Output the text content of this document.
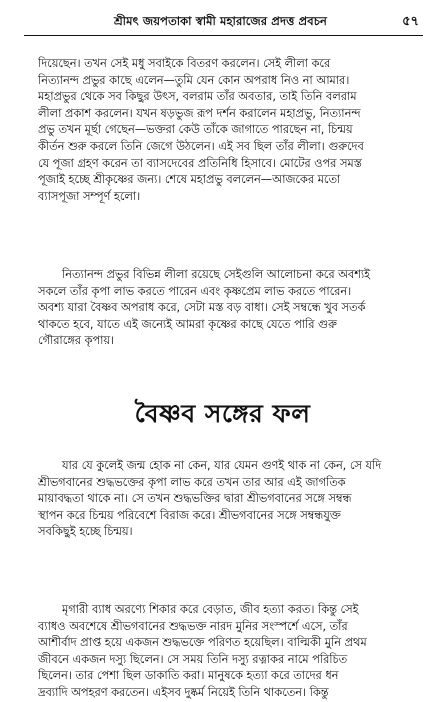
শ্রীমৎ জয়পতাকা স্বামী মহারাজের প্রদত্ত প্রবচন	৫৭
দিয়েছেন। তখন সেই মধু সবাইকে বিতরণ করলেন। সেই লীলা করে
নিত্যানন্দ প্রভুর কাছে এলেন—তুমি যেন কোন অপরাধ নিও না আমার।
মহাপ্রভুর থেকে সব কিছুর উৎস, বলরাম তাঁর অবতার, তাই তিনি বলরাম
লীলা প্রকাশ করলেন। যখন ষড়ভুজ রূপ দর্শন করালেন মহাপ্রভু, নিত্যানন্দ
প্রভু তখন মূর্ছা গেছেন—ভক্তরা কেউ তাঁকে জাগাতে পারছেন না, চিন্ময়
কীর্তন শুরু করলে তিনি জেগে উঠলেন। এই সব ছিল তাঁর লীলা। গুরুদেব
যে পূজা গ্রহণ করেন তা ব্যাসদেবের প্রতিনিধি হিসাবে। মোটের ওপর সমস্ত
পূজাই হচ্ছে শ্রীকৃষ্ণের জন্য। শেষে মহাপ্রভু বললেন—আজকের মতো
ব্যাসপূজা সম্পূর্ণ হলো।
নিত্যানন্দ প্রভুর বিভিন্ন লীলা রয়েছে সেইগুলি আলোচনা করে অবশ্যই
সকলে তাঁর কৃপা লাভ করতে পারেন এবং কৃষ্ণপ্রেম লাভ করতে পারেন।
অবশ্য যারা বৈষ্ণব অপরাধ করে, সেটা মস্ত বড় বাধা। সেই সম্বন্ধে খুব সতর্ক
থাকতে হবে, যাতে এই জন্যেই আমরা কৃষ্ণের কাছে যেতে পারি গুরু
গৌরাঙ্গের কৃপায়।
বৈষ্ণব সঙ্গের ফল
যার যে কুলেই জন্ম হোক না কেন, যার যেমন গুণই থাক না কেন, সে যদি
শ্রীভগবানের শুদ্ধভক্তের কৃপা লাভ করে তখন তার আর এই জাগতিক
মায়াবদ্ধতা থাকে না। সে তখন শুদ্ধভক্তির দ্বারা শ্রীভগবানের সঙ্গে সম্বন্ধ
স্থাপন করে চিন্ময় পরিবেশে বিরাজ করে। শ্রীভগবানের সঙ্গে সম্বন্ধযুক্ত
সবকিছুই হচ্ছে চিন্ময়।
মৃগারী ব্যাধ অরণ্যে শিকার করে বেড়াত, জীব হত্যা করত। কিন্তু সেই
ব্যাধও অবশেষে শ্রীভগবানের শুদ্ধভক্ত নারদ মুনির সংস্পর্শে এসে, তাঁর
আশীর্বাদ প্রাপ্ত হয়ে একজন শুদ্ধভক্তে পরিণত হয়েছিল। বাল্মিকী মুনি প্রথম
জীবনে একজন দস্যু ছিলেন। সে সময় তিনি দস্যু রত্নাকর নামে পরিচিত
ছিলেন। তার পেশা ছিল ডাকাতি করা। মানুষকে হত্যা করে তাদের ধন
দ্রব্যাদি অপহরণ করতেন। এইসব দুষ্কর্ম নিয়েই তিনি থাকতেন। কিন্তু
